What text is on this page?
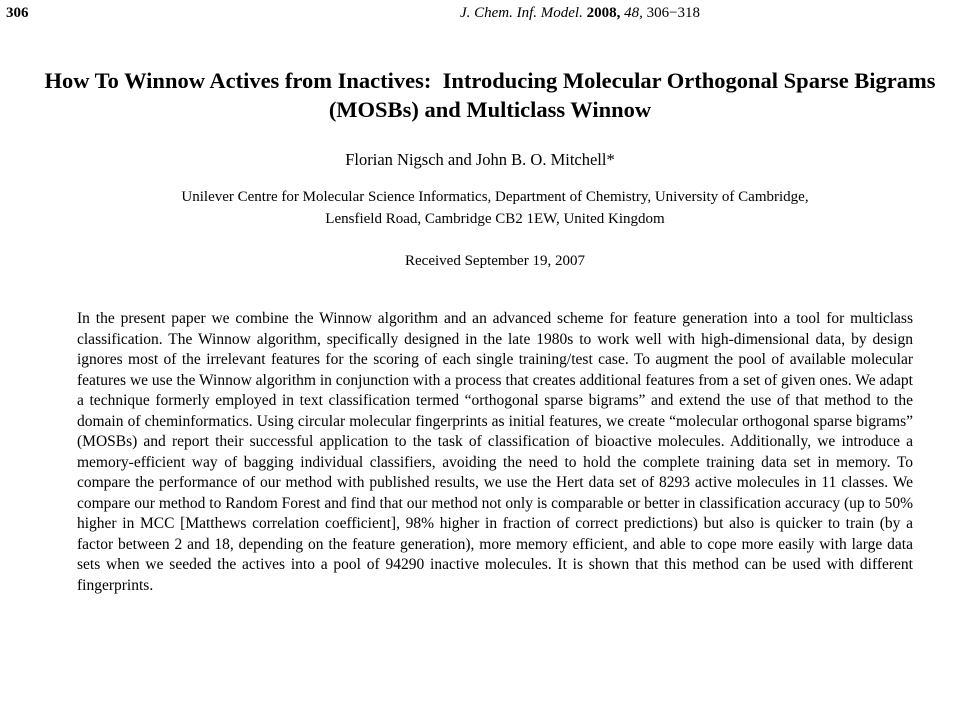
306	J. Chem. Inf. Model. 2008, 48, 306−318
How To Winnow Actives from Inactives:  Introducing Molecular Orthogonal Sparse Bigrams (MOSBs) and Multiclass Winnow
Florian Nigsch and John B. O. Mitchell*
Unilever Centre for Molecular Science Informatics, Department of Chemistry, University of Cambridge,
Lensfield Road, Cambridge CB2 1EW, United Kingdom
Received September 19, 2007

In the present paper we combine the Winnow algorithm and an advanced scheme for feature generation into a tool for multiclass classification. The Winnow algorithm, specifically designed in the late 1980s to work well with high-dimensional data, by design ignores most of the irrelevant features for the scoring of each single training/test case. To augment the pool of available molecular features we use the Winnow algorithm in conjunction with a process that creates additional features from a set of given ones. We adapt a technique formerly employed in text classification termed “orthogonal sparse bigrams” and extend the use of that method to the domain of cheminformatics. Using circular molecular fingerprints as initial features, we create “molecular orthogonal sparse bigrams” (MOSBs) and report their successful application to the task of classification of bioactive molecules. Additionally, we introduce a memory-efficient way of bagging individual classifiers, avoiding the need to hold the complete training data set in memory. To compare the performance of our method with published results, we use the Hert data set of 8293 active molecules in 11 classes. We compare our method to Random Forest and find that our method not only is comparable or better in classification accuracy (up to 50% higher in MCC [Matthews correlation coefficient], 98% higher in fraction of correct predictions) but also is quicker to train (by a factor between 2 and 18, depending on the feature generation), more memory efficient, and able to cope more easily with large data sets when we seeded the actives into a pool of 94290 inactive molecules. It is shown that this method can be used with different fingerprints.
